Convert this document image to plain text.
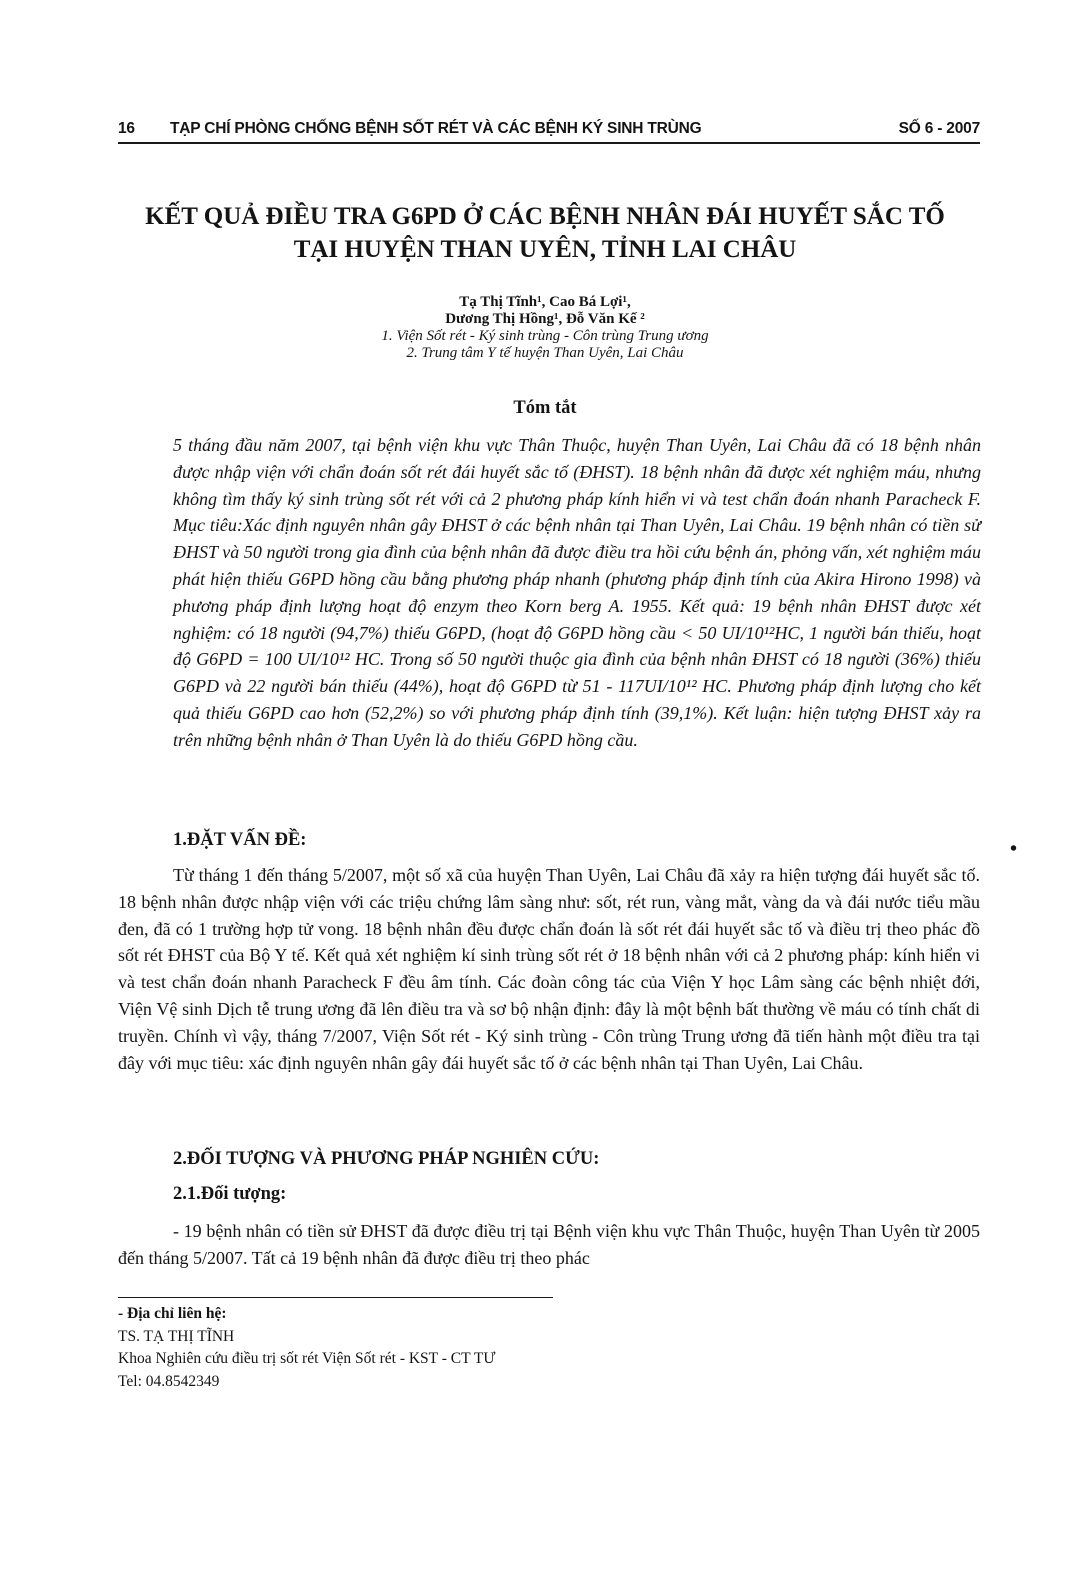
16 TẠP CHÍ PHÒNG CHỐNG BỆNH SỐT RÉT VÀ CÁC BỆNH KÝ SINH TRÙNG	SỐ 6 - 2007
KẾT QUẢ ĐIỀU TRA G6PD Ở CÁC BỆNH NHÂN ĐÁI HUYẾT SẮC TỐ
TẠI HUYỆN THAN UYÊN, TỈNH LAI CHÂU
Tạ Thị Tĩnh¹, Cao Bá Lợi¹,
Dương Thị Hồng¹, Đỗ Văn Kế ²
1. Viện Sốt rét - Ký sinh trùng - Côn trùng Trung ương
2. Trung tâm Y tế huyện Than Uyên, Lai Châu
Tóm tắt

5 tháng đầu năm 2007, tại bệnh viện khu vực Thân Thuộc, huyện Than Uyên, Lai Châu đã có 18 bệnh nhân được nhập viện với chẩn đoán sốt rét đái huyết sắc tố (ĐHST). 18 bệnh nhân đã được xét nghiệm máu, nhưng không tìm thấy ký sinh trùng sốt rét với cả 2 phương pháp kính hiển vi và test chẩn đoán nhanh Paracheck F. Mục tiêu:Xác định nguyên nhân gây ĐHST ở các bệnh nhân tại Than Uyên, Lai Châu. 19 bệnh nhân có tiền sử ĐHST và 50 người trong gia đình của bệnh nhân đã được điều tra hồi cứu bệnh án, phỏng vấn, xét nghiệm máu phát hiện thiếu G6PD hồng cầu bằng phương pháp nhanh (phương pháp định tính của Akira Hirono 1998) và phương pháp định lượng hoạt độ enzym theo Korn berg A. 1955. Kết quả: 19 bệnh nhân ĐHST được xét nghiệm: có 18 người (94,7%) thiếu G6PD, (hoạt độ G6PD hồng cầu < 50 UI/10¹²HC, 1 người bán thiếu, hoạt độ G6PD = 100 UI/10¹² HC. Trong số 50 người thuộc gia đình của bệnh nhân ĐHST có 18 người (36%) thiếu G6PD và 22 người bán thiếu (44%), hoạt độ G6PD từ 51 - 117UI/10¹² HC. Phương pháp định lượng cho kết quả thiếu G6PD cao hơn (52,2%) so với phương pháp định tính (39,1%). Kết luận: hiện tượng ĐHST xảy ra trên những bệnh nhân ở Than Uyên là do thiếu G6PD hồng cầu.

1.ĐẶT VẤN ĐỀ:	•

Từ tháng 1 đến tháng 5/2007, một số xã của huyện Than Uyên, Lai Châu đã xảy ra hiện tượng đái huyết sắc tố. 18 bệnh nhân được nhập viện với các triệu chứng lâm sàng như: sốt, rét run, vàng mắt, vàng da và đái nước tiểu mầu đen, đã có 1 trường hợp tử vong. 18 bệnh nhân đều được chẩn đoán là sốt rét đái huyết sắc tố và điều trị theo phác đồ sốt rét ĐHST của Bộ Y tế. Kết quả xét nghiệm kí sinh trùng sốt rét ở 18 bệnh nhân với cả 2 phương pháp: kính hiển vi và test chẩn đoán nhanh Paracheck F đều âm tính. Các đoàn công tác của Viện Y học Lâm sàng các bệnh nhiệt đới, Viện Vệ sinh Dịch tễ trung ương đã lên điều tra và sơ bộ nhận định: đây là một bệnh bất thường về máu có tính chất di truyền. Chính vì vậy, tháng 7/2007, Viện Sốt rét - Ký sinh trùng - Côn trùng Trung ương đã tiến hành một điều tra tại đây với mục tiêu: xác định nguyên nhân gây đái huyết sắc tố ở các bệnh nhân tại Than Uyên, Lai Châu.

2.ĐỐI TƯỢNG VÀ PHƯƠNG PHÁP NGHIÊN CỨU:
2.1.Đối tượng:

- 19 bệnh nhân có tiền sử ĐHST đã được điều trị tại Bệnh viện khu vực Thân Thuộc, huyện Than Uyên từ 2005 đến tháng 5/2007. Tất cả 19 bệnh nhân đã được điều trị theo phác

- Địa chỉ liên hệ:
TS. TẠ THỊ TĨNH
Khoa Nghiên cứu điều trị sốt rét Viện Sốt rét - KST - CT TƯ
Tel: 04.8542349
